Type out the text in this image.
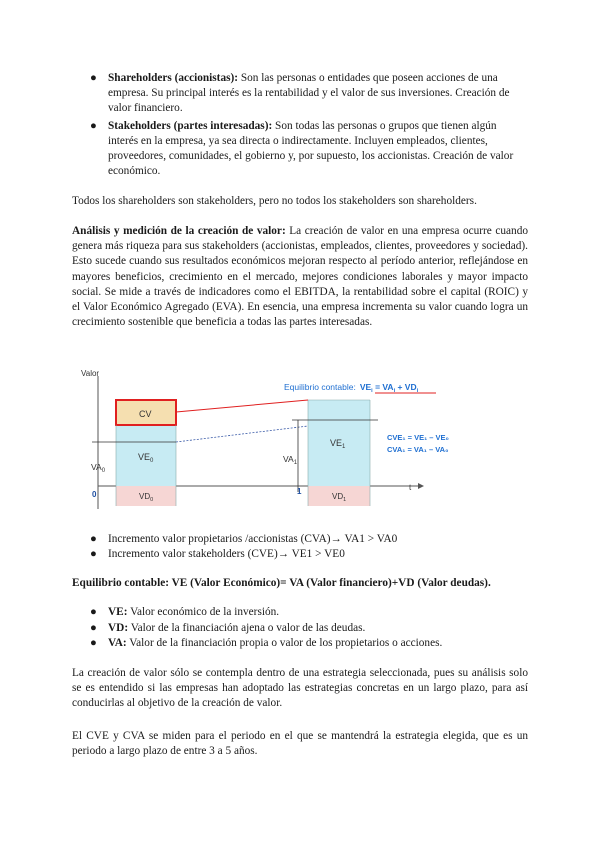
● Shareholders (accionistas): Son las personas o entidades que poseen acciones de una empresa. Su principal interés es la rentabilidad y el valor de sus inversiones. Creación de valor financiero.
● Stakeholders (partes interesadas): Son todas las personas o grupos que tienen algún interés en la empresa, ya sea directa o indirectamente. Incluyen empleados, clientes, proveedores, comunidades, el gobierno y, por supuesto, los accionistas. Creación de valor económico.

Todos los shareholders son stakeholders, pero no todos los stakeholders son shareholders.

Análisis y medición de la creación de valor: La creación de valor en una empresa ocurre cuando genera más riqueza para sus stakeholders (accionistas, empleados, clientes, proveedores y sociedad). Esto sucede cuando sus resultados económicos mejoran respecto al período anterior, reflejándose en mayores beneficios, crecimiento en el mercado, mejores condiciones laborales y mayor impacto social. Se mide a través de indicadores como el EBITDA, la rentabilidad sobre el capital (ROIC) y el Valor Económico Agregado (EVA). En esencia, una empresa incrementa su valor cuando logra un crecimiento sostenible que beneficia a todas las partes interesadas.

Valor
t
CV
$VE_0$
$VE_1$
$VA_0$
$VA_1$
$VD_0$	$VD_1$
0	1
Equilibrio contable: $VE_i = VA_i + VD_i$
CVE₁ = VE₁ – VE₀
CVA₁ = VA₁ – VA₀
● Incremento valor propietarios /accionistas (CVA)→ VA1 > VA0
● Incremento valor stakeholders (CVE)→ VE1 > VE0

Equilibrio contable: VE (Valor Económico)= VA (Valor financiero)+VD (Valor deudas).

● VE: Valor económico de la inversión.
● VD: Valor de la financiación ajena o valor de las deudas.
● VA: Valor de la financiación propia o valor de los propietarios o acciones.

La creación de valor sólo se contempla dentro de una estrategia seleccionada, pues su análisis solo se es entendido si las empresas han adoptado las estrategias concretas en un largo plazo, para así conducirlas al objetivo de la creación de valor.

El CVE y CVA se miden para el periodo en el que se mantendrá la estrategia elegida, que es un periodo a largo plazo de entre 3 a 5 años.
